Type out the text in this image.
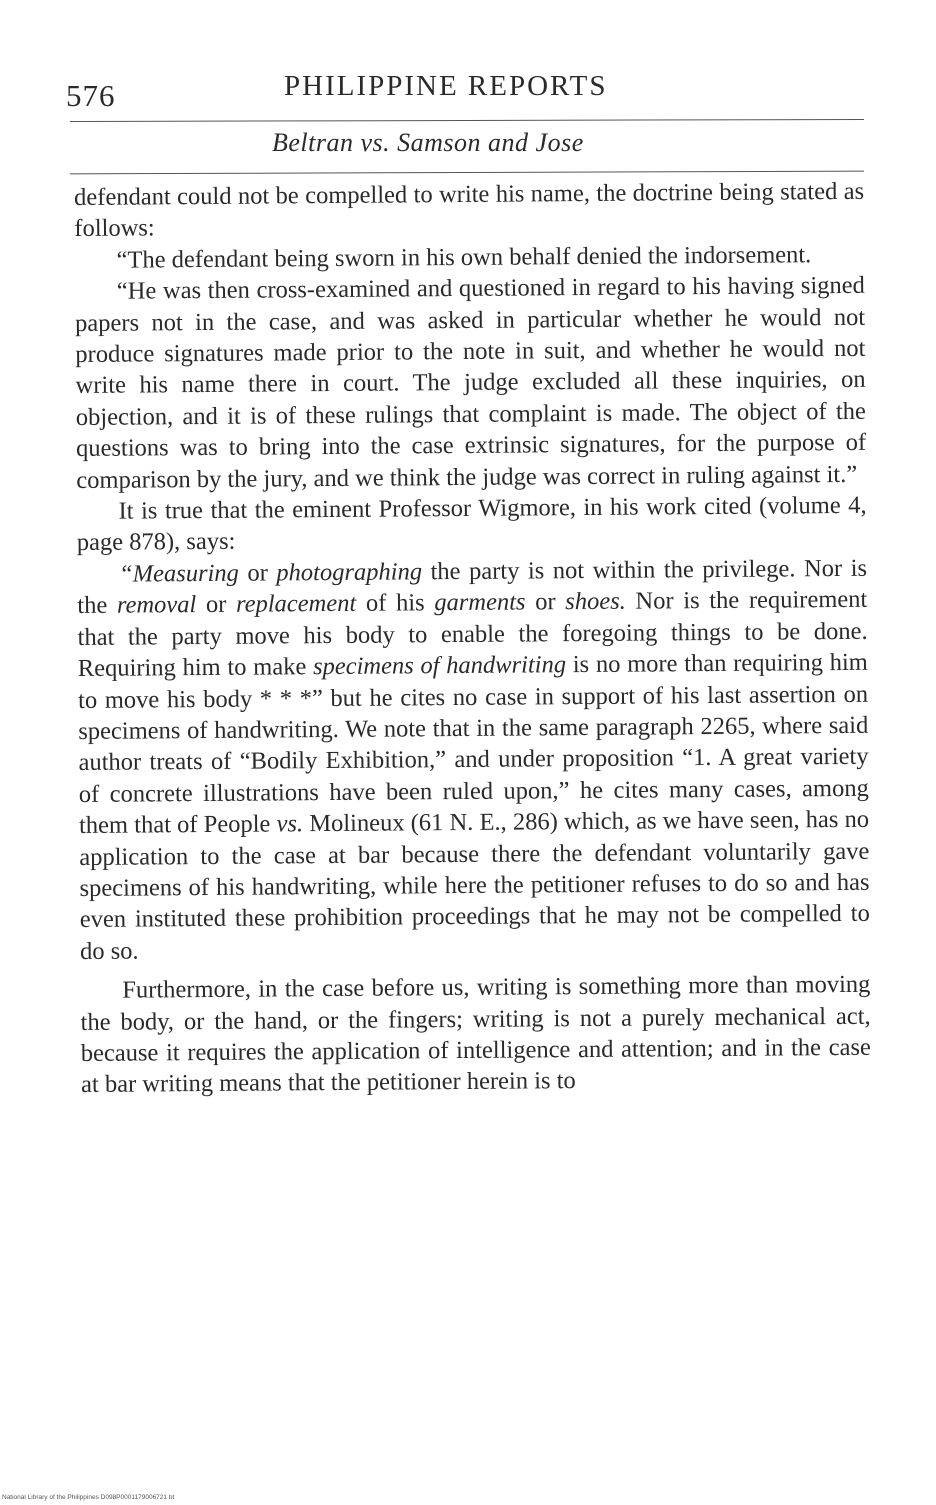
576	PHILIPPINE REPORTS
Beltran vs. Samson and Jose

defendant could not be compelled to write his name, the doctrine being stated as follows:

“The defendant being sworn in his own behalf denied the indorsement.

“He was then cross-examined and questioned in regard to his having signed papers not in the case, and was asked in particular whether he would not produce signatures made prior to the note in suit, and whether he would not write his name there in court. The judge excluded all these inquiries, on objection, and it is of these rulings that complaint is made. The object of the questions was to bring into the case extrinsic signatures, for the purpose of comparison by the jury, and we think the judge was correct in ruling against it.”

It is true that the eminent Professor Wigmore, in his work cited (volume 4, page 878), says:

“Measuring or photographing the party is not within the privilege. Nor is the removal or replacement of his garments or shoes. Nor is the requirement that the party move his body to enable the foregoing things to be done. Requiring him to make specimens of handwriting is no more than requiring him to move his body * * *” but he cites no case in support of his last assertion on specimens of handwriting. We note that in the same paragraph 2265, where said author treats of “Bodily Exhibition,” and under proposition “1. A great variety of concrete illustrations have been ruled upon,” he cites many cases, among them that of People vs. Molineux (61 N. E., 286) which, as we have seen, has no application to the case at bar because there the defendant voluntarily gave specimens of his handwriting, while here the petitioner refuses to do so and has even instituted these prohibition proceedings that he may not be compelled to do so.

Furthermore, in the case before us, writing is something more than moving the body, or the hand, or the fingers; writing is not a purely mechanical act, because it requires the application of intelligence and attention; and in the case at bar writing means that the petitioner herein is to

National Library of the Philippines D098P0001179006721 bt
